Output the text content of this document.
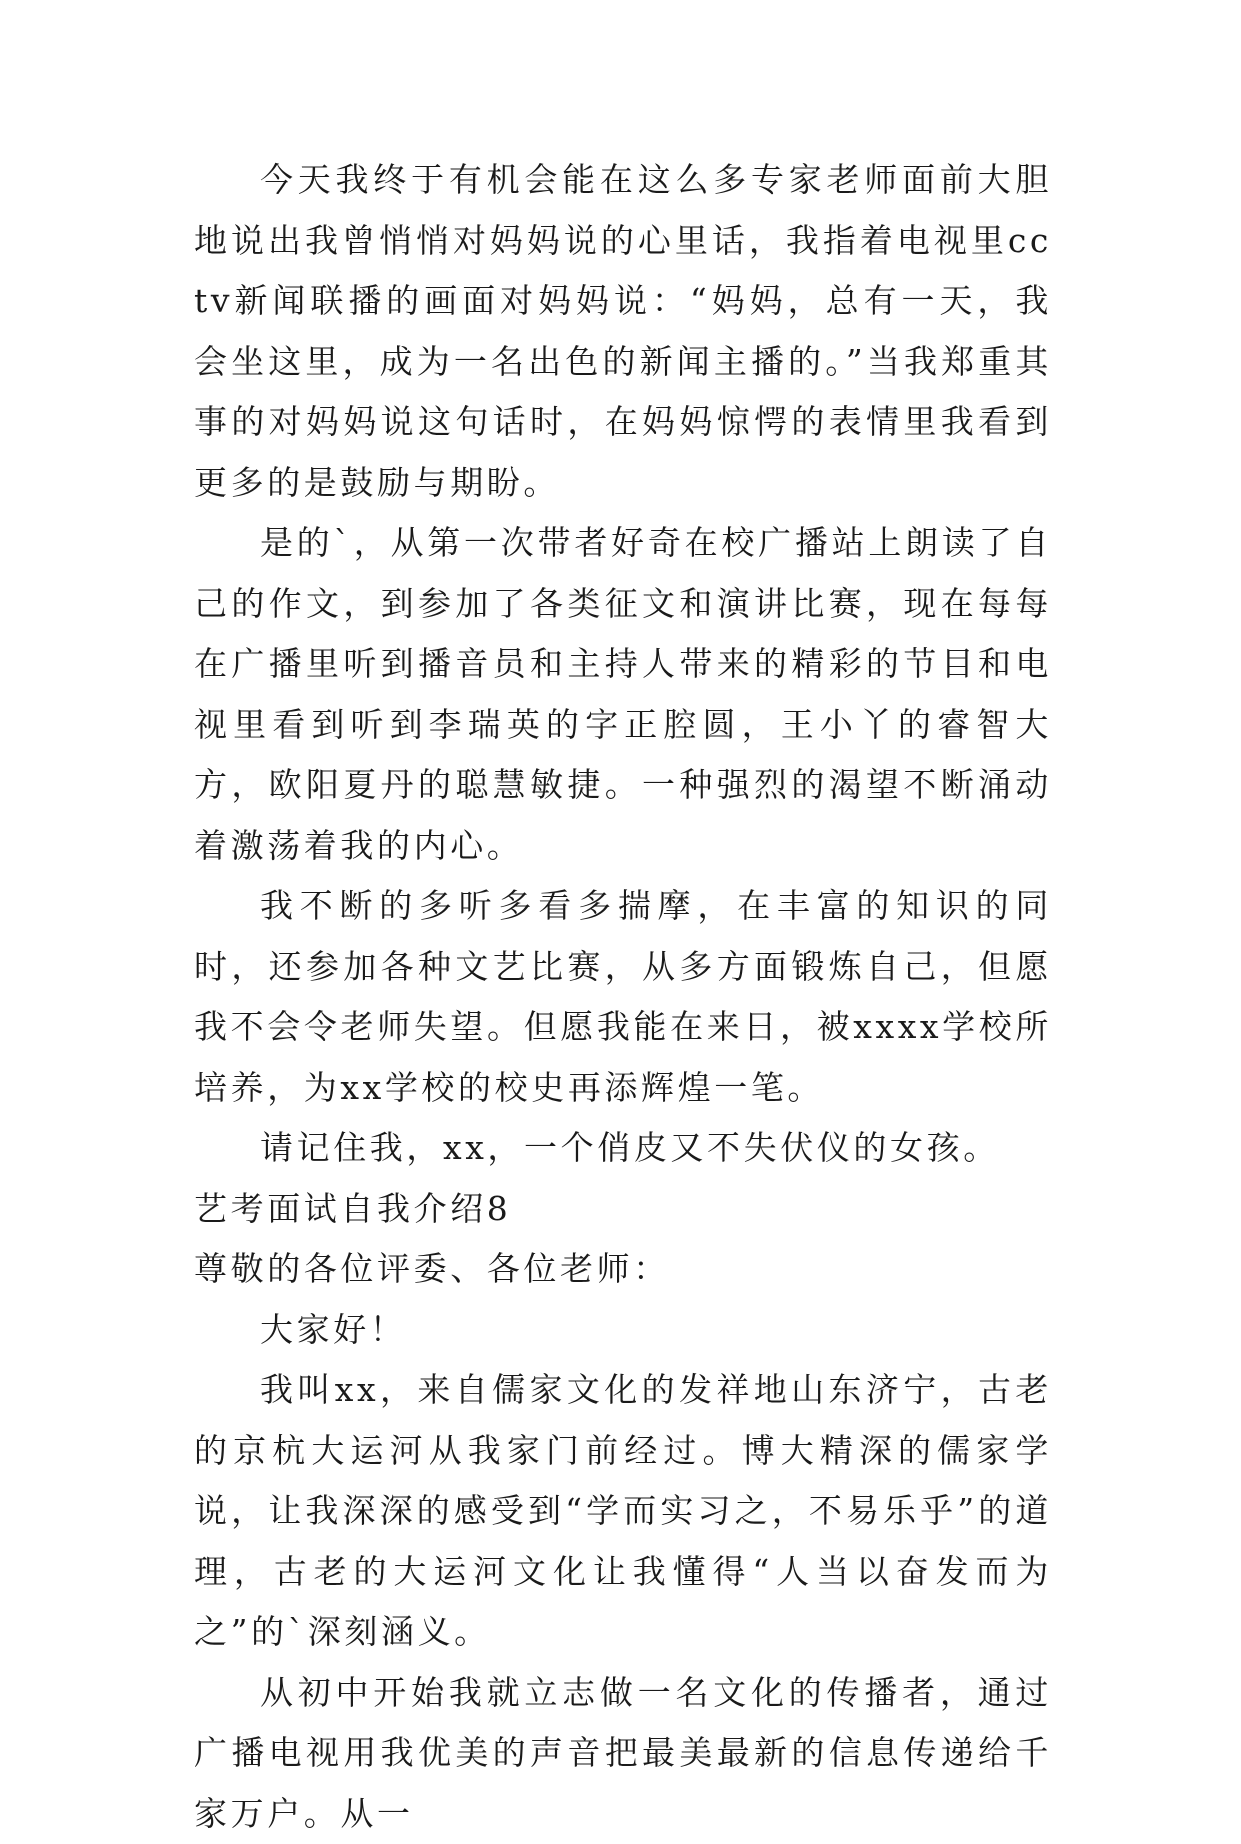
今天我终于有机会能在这么多专家老师面前大胆地说出我曾悄悄对妈妈说的心里话，我指着电视里cctv新闻联播的画面对妈妈说：“妈妈，总有一天，我会坐这里，成为一名出色的新闻主播的。”当我郑重其事的对妈妈说这句话时，在妈妈惊愕的表情里我看到更多的是鼓励与期盼。

是的`，从第一次带者好奇在校广播站上朗读了自己的作文，到参加了各类征文和演讲比赛，现在每每在广播里听到播音员和主持人带来的精彩的节目和电视里看到听到李瑞英的字正腔圆，王小丫的睿智大方，欧阳夏丹的聪慧敏捷。一种强烈的渴望不断涌动着激荡着我的内心。

我不断的多听多看多揣摩，在丰富的知识的同时，还参加各种文艺比赛，从多方面锻炼自己，但愿我不会令老师失望。但愿我能在来日，被xxxx学校所培养，为xx学校的校史再添辉煌一笔。

请记住我，xx，一个俏皮又不失伏仪的女孩。

艺考面试自我介绍8

尊敬的各位评委、各位老师：

大家好！

我叫xx，来自儒家文化的发祥地山东济宁，古老的京杭大运河从我家门前经过。博大精深的儒家学说，让我深深的感受到“学而实习之，不易乐乎”的道理，古老的大运河文化让我懂得“人当以奋发而为之”的`深刻涵义。

从初中开始我就立志做一名文化的传播者，通过广播电视用我优美的声音把最美最新的信息传递给千家万户。从一
